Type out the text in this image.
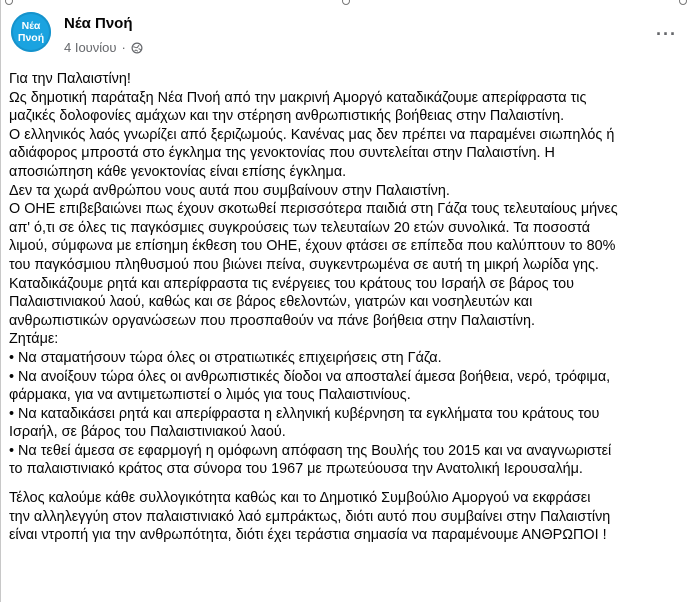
Νέα
Πνοή
Νέα Πνοή
4 Ιουνίου ·
···

Για την Παλαιστίνη!

Ως δημοτική παράταξη Νέα Πνοή από την μακρινή Αμοργό καταδικάζουμε απερίφραστα τις

μαζικές δολοφονίες αμάχων και την στέρηση ανθρωπιστικής βοήθειας στην Παλαιστίνη.

Ο ελληνικός λαός γνωρίζει από ξεριζωμούς. Κανένας μας δεν πρέπει να παραμένει σιωπηλός ή

αδιάφορος μπροστά στο έγκλημα της γενοκτονίας που συντελείται στην Παλαιστίνη. Η

αποσιώπηση κάθε γενοκτονίας είναι επίσης έγκλημα.

Δεν τα χωρά ανθρώπου νους αυτά που συμβαίνουν στην Παλαιστίνη.

Ο ΟΗΕ επιβεβαιώνει πως έχουν σκοτωθεί περισσότερα παιδιά στη Γάζα τους τελευταίους μήνες

απ' ό,τι σε όλες τις παγκόσμιες συγκρούσεις των τελευταίων 20 ετών συνολικά. Τα ποσοστά

λιμού, σύμφωνα με επίσημη έκθεση του ΟΗΕ, έχουν φτάσει σε επίπεδα που καλύπτουν το 80%

του παγκόσμιου πληθυσμού που βιώνει πείνα, συγκεντρωμένα σε αυτή τη μικρή λωρίδα γης.

Καταδικάζουμε ρητά και απερίφραστα τις ενέργειες του κράτους του Ισραήλ σε βάρος του

Παλαιστινιακού λαού, καθώς και σε βάρος εθελοντών, γιατρών και νοσηλευτών και

ανθρωπιστικών οργανώσεων που προσπαθούν να πάνε βοήθεια στην Παλαιστίνη.

Ζητάμε:

• Να σταματήσουν τώρα όλες οι στρατιωτικές επιχειρήσεις στη Γάζα.

• Να ανοίξουν τώρα όλες οι ανθρωπιστικές δίοδοι να αποσταλεί άμεσα βοήθεια, νερό, τρόφιμα,

φάρμακα, για να αντιμετωπιστεί ο λιμός για τους Παλαιστινίους.

• Να καταδικάσει ρητά και απερίφραστα η ελληνική κυβέρνηση τα εγκλήματα του κράτους του

Ισραήλ, σε βάρος του Παλαιστινιακού λαού.

• Να τεθεί άμεσα σε εφαρμογή η ομόφωνη απόφαση της Βουλής του 2015 και να αναγνωριστεί

το παλαιστινιακό κράτος στα σύνορα του 1967 με πρωτεύουσα την Ανατολική Ιερουσαλήμ.

Τέλος καλούμε κάθε συλλογικότητα καθώς και το Δημοτικό Συμβούλιο Αμοργού να εκφράσει

την αλληλεγγύη στον παλαιστινιακό λαό εμπράκτως, διότι αυτό που συμβαίνει στην Παλαιστίνη

είναι ντροπή για την ανθρωπότητα, διότι έχει τεράστια σημασία να παραμένουμε ΑΝΘΡΩΠΟΙ !
